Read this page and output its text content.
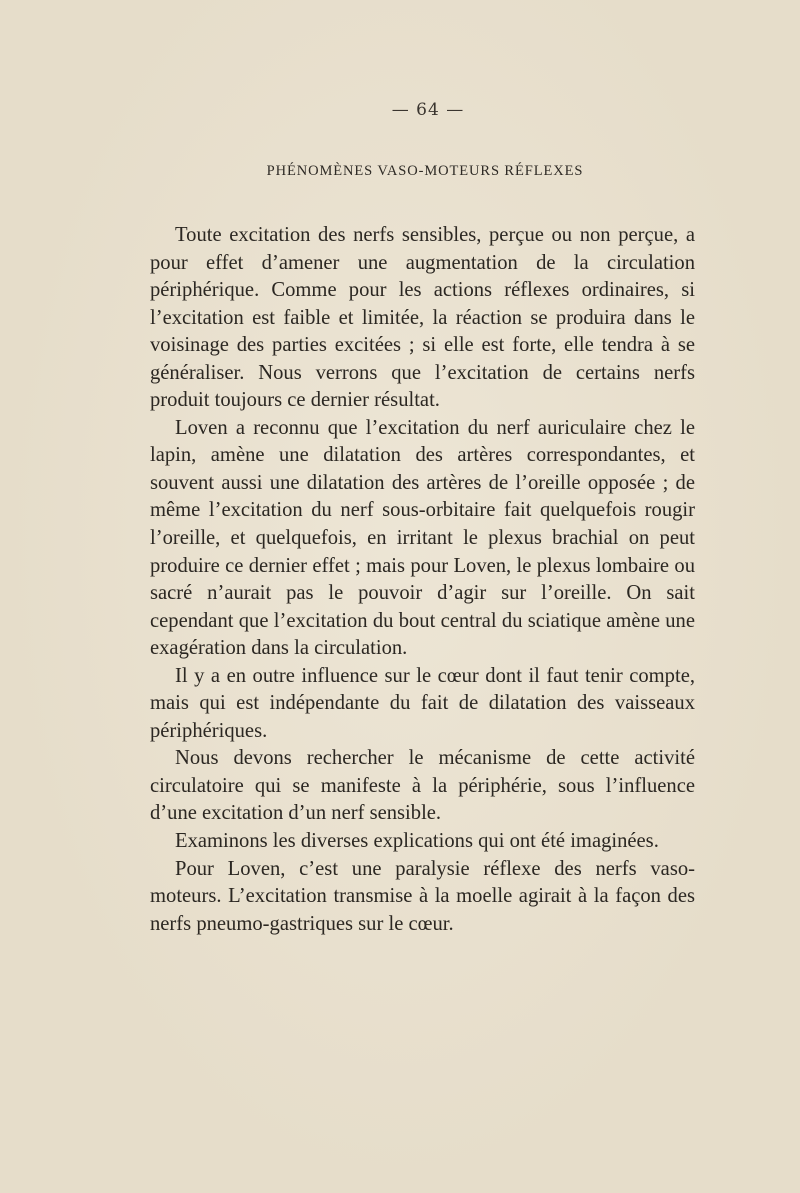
— 64 —
PHÉNOMÈNES VASO-MOTEURS RÉFLEXES

Toute excitation des nerfs sensibles, perçue ou non perçue, a pour effet d’amener une augmentation de la circulation périphérique. Comme pour les actions réflexes ordinaires, si l’excitation est faible et limitée, la réaction se produira dans le voisinage des parties excitées ; si elle est forte, elle tendra à se généraliser. Nous verrons que l’excitation de certains nerfs produit toujours ce dernier résultat.

Loven a reconnu que l’excitation du nerf auriculaire chez le lapin, amène une dilatation des artères correspondantes, et souvent aussi une dilatation des artères de l’oreille opposée ; de même l’excitation du nerf sous-orbitaire fait quelquefois rougir l’oreille, et quelquefois, en irritant le plexus brachial on peut produire ce dernier effet ; mais pour Loven, le plexus lombaire ou sacré n’aurait pas le pouvoir d’agir sur l’oreille. On sait cependant que l’excitation du bout central du sciatique amène une exagération dans la circulation.

Il y a en outre influence sur le cœur dont il faut tenir compte, mais qui est indépendante du fait de dilatation des vaisseaux périphériques.

Nous devons rechercher le mécanisme de cette activité circulatoire qui se manifeste à la périphérie, sous l’influence d’une excitation d’un nerf sensible.

Examinons les diverses explications qui ont été imaginées.

Pour Loven, c’est une paralysie réflexe des nerfs vaso-moteurs. L’excitation transmise à la moelle agirait à la façon des nerfs pneumo-gastriques sur le cœur.
